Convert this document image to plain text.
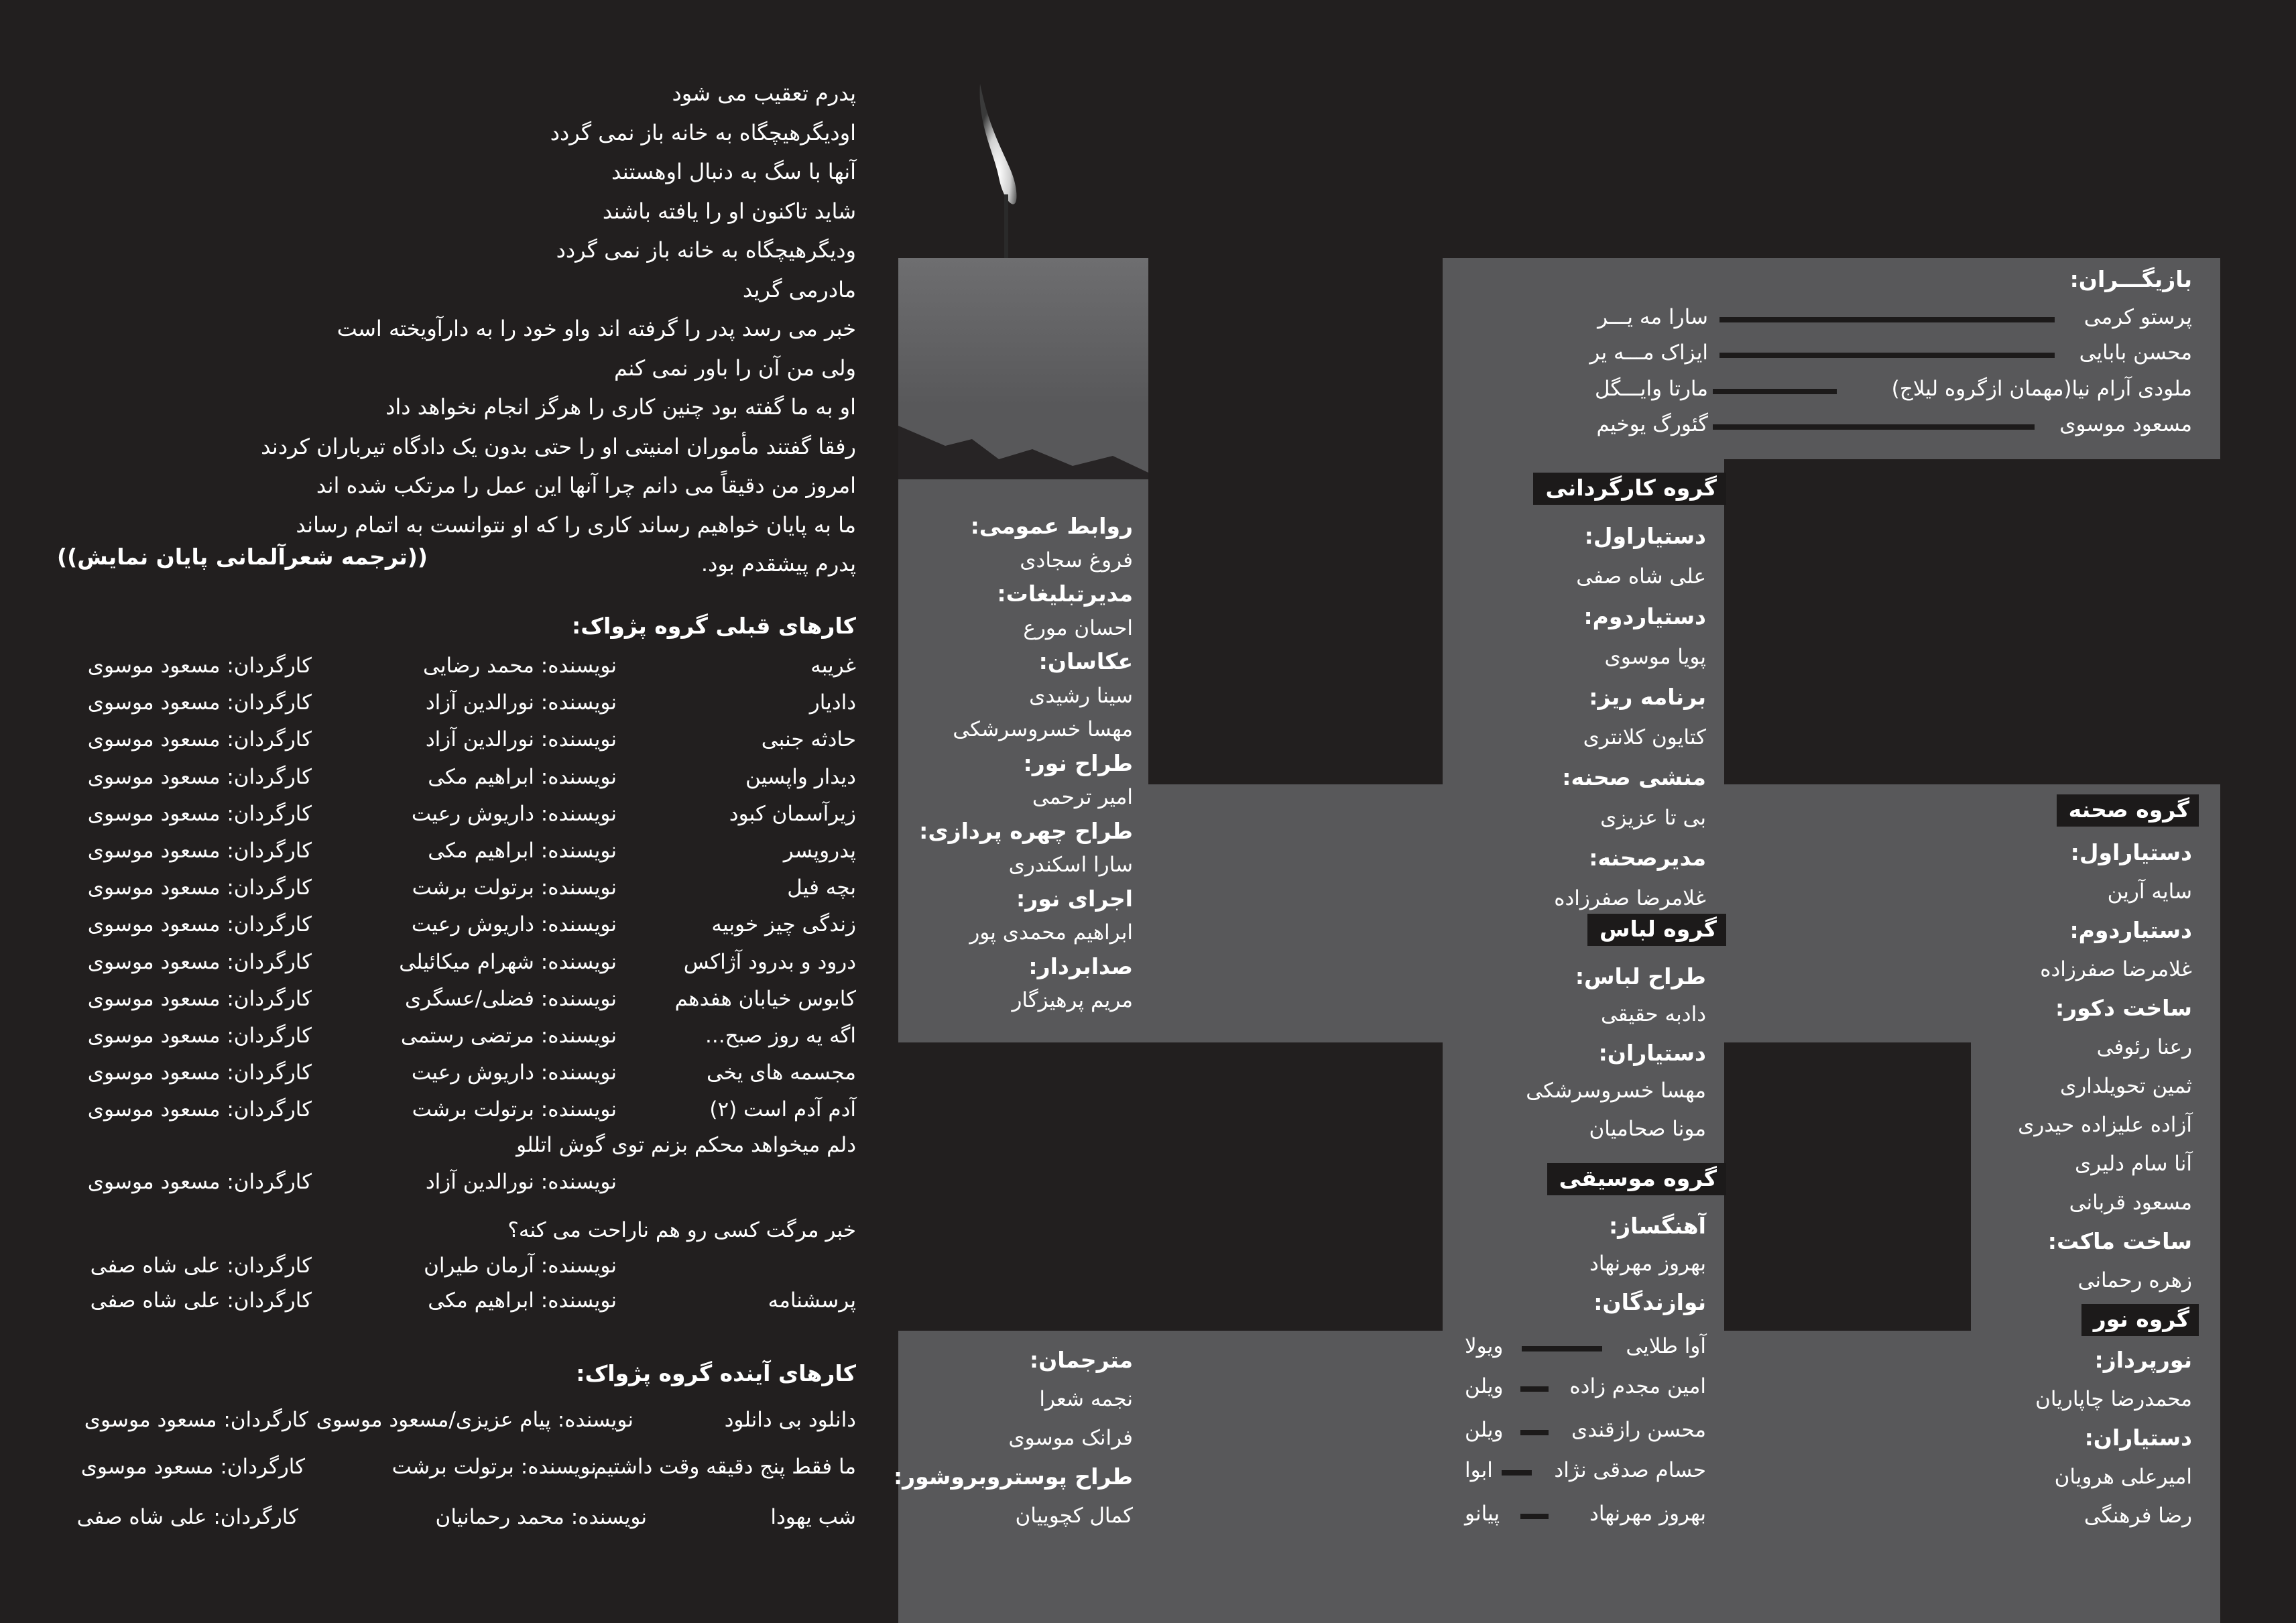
پدرم تعقیب می شود
اودیگرهیچگاه به خانه باز نمی گردد
آنها با سگ به دنبال اوهستند
شاید تاکنون او را یافته باشند
ودیگرهیچگاه به خانه باز نمی گردد
مادرمی گرید
خبر می رسد پدر را گرفته اند واو خود را به دارآویخته است
ولی من آن را باور نمی کنم
او به ما گفته بود چنین کاری را هرگز انجام نخواهد داد
رفقا گفتند مأموران امنیتی او را حتی بدون یک دادگاه تیرباران کردند
امروز من دقیقاً می دانم چرا آنها این عمل را مرتکب شده اند
ما به پایان خواهیم رساند کاری را که او نتوانست به اتمام رساند
پدرم پیشقدم بود.
((ترجمه شعرآلمانی پایان نمایش))
کارهای قبلی گروه پژواک:
غریبه
نویسنده: محمد رضایی
کارگردان: مسعود موسوی
دادیار
نویسنده: نورالدین آزاد
کارگردان: مسعود موسوی
حادثه جنبی
نویسنده: نورالدین آزاد
کارگردان: مسعود موسوی
دیدار واپسین
نویسنده: ابراهیم مکی
کارگردان: مسعود موسوی
زیرآسمان کبود
نویسنده: داریوش رعیت
کارگردان: مسعود موسوی
پدروپسر
نویسنده: ابراهیم مکی
کارگردان: مسعود موسوی
بچه فیل
نویسنده: برتولت برشت
کارگردان: مسعود موسوی
زندگی چیز خوبیه
نویسنده: داریوش رعیت
کارگردان: مسعود موسوی
درود و بدرود آژاکس
نویسنده: شهرام میکائیلی
کارگردان: مسعود موسوی
کابوس خیابان هفدهم
نویسنده: فضلی/عسگری
کارگردان: مسعود موسوی
اگه یه روز صبح...
نویسنده: مرتضی رستمی
کارگردان: مسعود موسوی
مجسمه های یخی
نویسنده: داریوش رعیت
کارگردان: مسعود موسوی
آدم آدم است (۲)
نویسنده: برتولت برشت
کارگردان: مسعود موسوی
دلم میخواهد محکم بزنم توی گوش اتللو
نویسنده: نورالدین آزاد
کارگردان: مسعود موسوی
خبر مرگت کسی رو هم ناراحت می کنه؟
نویسنده: آرمان طیران
کارگردان: علی شاه صفی
پرسشنامه
نویسنده: ابراهیم مکی
کارگردان: علی شاه صفی
کارهای آینده گروه پژواک:
دانلود بی دانلود
نویسنده: پیام عزیزی/مسعود موسوی
کارگردان: مسعود موسوی
ما فقط پنج دقیقه وقت داشتیم
نویسنده: برتولت برشت
کارگردان: مسعود موسوی
شب یهودا
نویسنده: محمد رحمانیان
کارگردان: علی شاه صفی
روابط عمومی:
فروغ سجادی
مدیرتبلیغات:
احسان مورع
عکاسان:
سینا رشیدی
مهسا خسروسرشکی
طراح نور:
امیر ترحمی
طراح چهره پردازی:
سارا اسکندری
اجرای نور:
ابراهیم محمدی پور
صدابردار:
مریم پرهیزگار
مترجمان:
نجمه شعرا
فرانک موسوی
طراح پوستروبروشور:
کمال کچوییان
بازیگـــران:
پرستو کرمی
سارا مه یـــر
محسن بابایی
ایزاک مـــه یر
ملودی آرام نیا(مهمان ازگروه لیلاج)
مارتا وایـــگل
مسعود موسوی
گئورگ یوخیم
گروه کارگردانی
دستیاراول:
علی شاه صفی
دستیاردوم:
پویا موسوی
برنامه ریز:
کتایون کلانتری
منشی صحنه:
بی تا عزیزی
مدیرصحنه:
غلامرضا صفرزاده
گروه لباس
طراح لباس:
دادبه حقیقی
دستیاران:
مهسا خسروسرشکی
مونا صحامیان
گروه موسیقی
آهنگساز:
بهروز مهرنهاد
نوازندگان:
آوا طلایی
ویولا
امین مجدم زاده
ویلن
محسن رازقندی
ویلن
حسام صدقی نژاد
ابوا
بهروز مهرنهاد
پیانو
گروه صحنه
دستیاراول:
سایه آرین
دستیاردوم:
غلامرضا صفرزاده
ساخت دکور:
رعنا رئوفی
ثمین تحویلداری
آزاده علیزاده حیدری
آنا سام دلیری
مسعود قربانی
ساخت ماکت:
زهره رحمانی
گروه نور
نورپرداز:
محمدرضا چاپاریان
دستیاران:
امیرعلی هرویان
رضا فرهنگی
